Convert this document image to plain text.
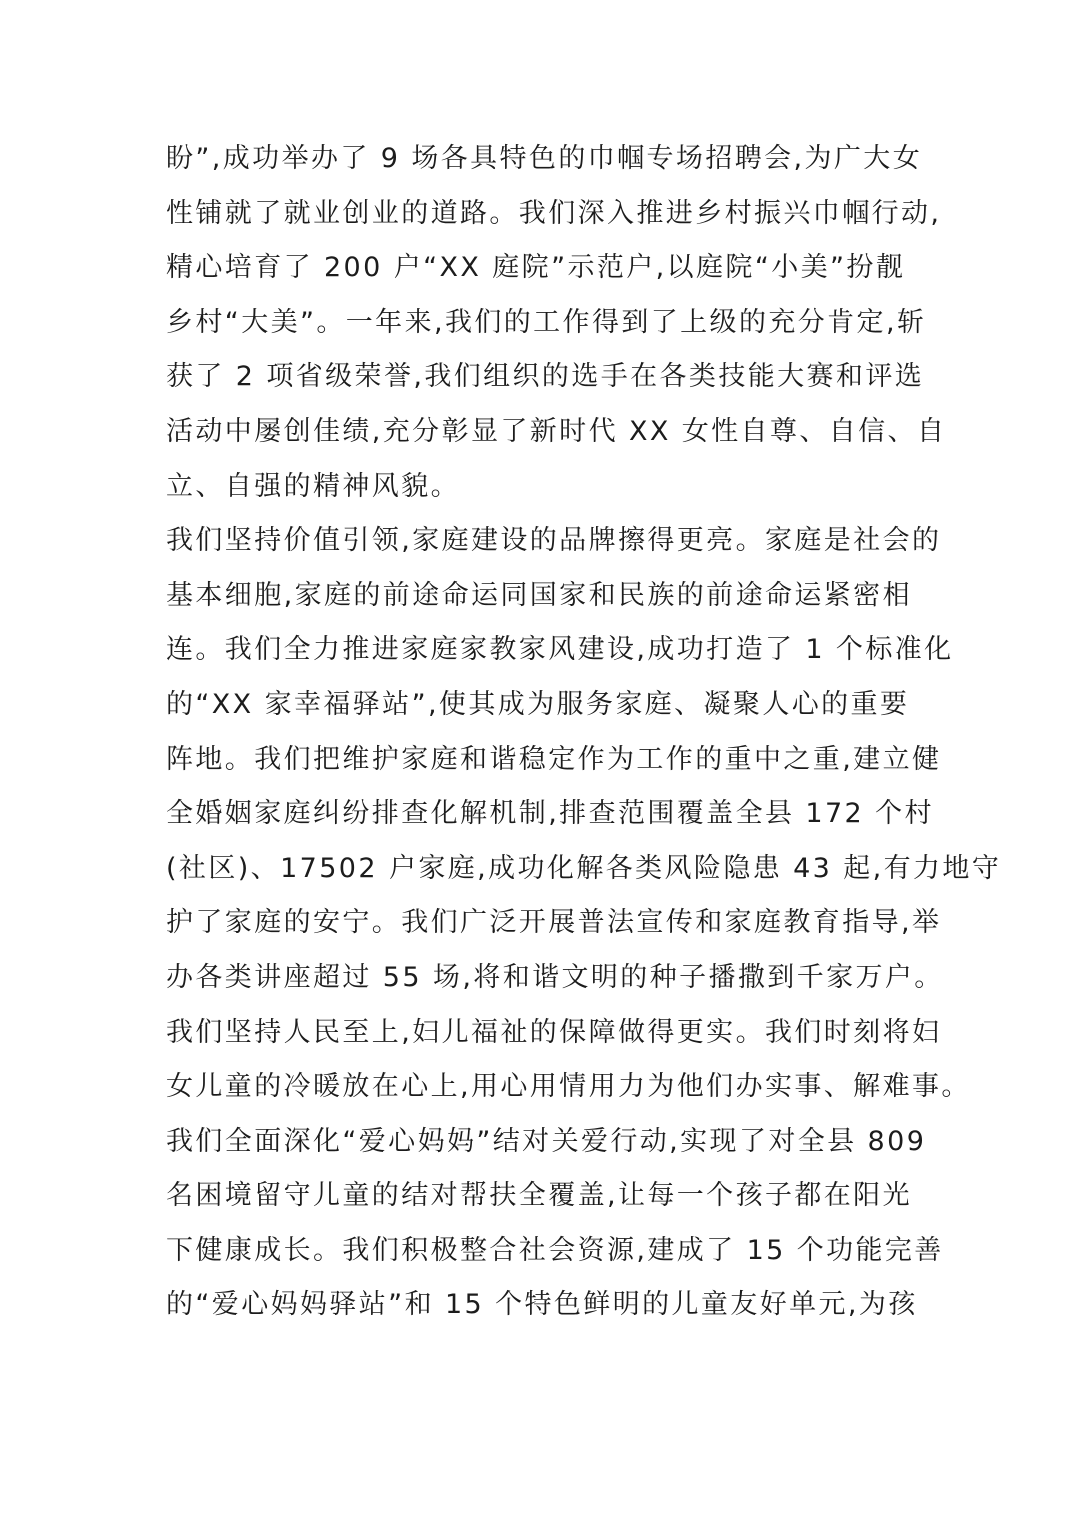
盼”,成功举办了 9 场各具特色的巾帼专场招聘会,为广大女
性铺就了就业创业的道路。我们深入推进乡村振兴巾帼行动,
精心培育了 200 户“XX 庭院”示范户,以庭院“小美”扮靓
乡村“大美”。一年来,我们的工作得到了上级的充分肯定,斩
获了 2 项省级荣誉,我们组织的选手在各类技能大赛和评选
活动中屡创佳绩,充分彰显了新时代 XX 女性自尊、自信、自
立、自强的精神风貌。
我们坚持价值引领,家庭建设的品牌擦得更亮。家庭是社会的
基本细胞,家庭的前途命运同国家和民族的前途命运紧密相
连。我们全力推进家庭家教家风建设,成功打造了 1 个标准化
的“XX 家幸福驿站”,使其成为服务家庭、凝聚人心的重要
阵地。我们把维护家庭和谐稳定作为工作的重中之重,建立健
全婚姻家庭纠纷排查化解机制,排查范围覆盖全县 172 个村
(社区)、17502 户家庭,成功化解各类风险隐患 43 起,有力地守
护了家庭的安宁。我们广泛开展普法宣传和家庭教育指导,举
办各类讲座超过 55 场,将和谐文明的种子播撒到千家万户。
我们坚持人民至上,妇儿福祉的保障做得更实。我们时刻将妇
女儿童的冷暖放在心上,用心用情用力为他们办实事、解难事。
我们全面深化“爱心妈妈”结对关爱行动,实现了对全县 809
名困境留守儿童的结对帮扶全覆盖,让每一个孩子都在阳光
下健康成长。我们积极整合社会资源,建成了 15 个功能完善
的“爱心妈妈驿站”和 15 个特色鲜明的儿童友好单元,为孩
